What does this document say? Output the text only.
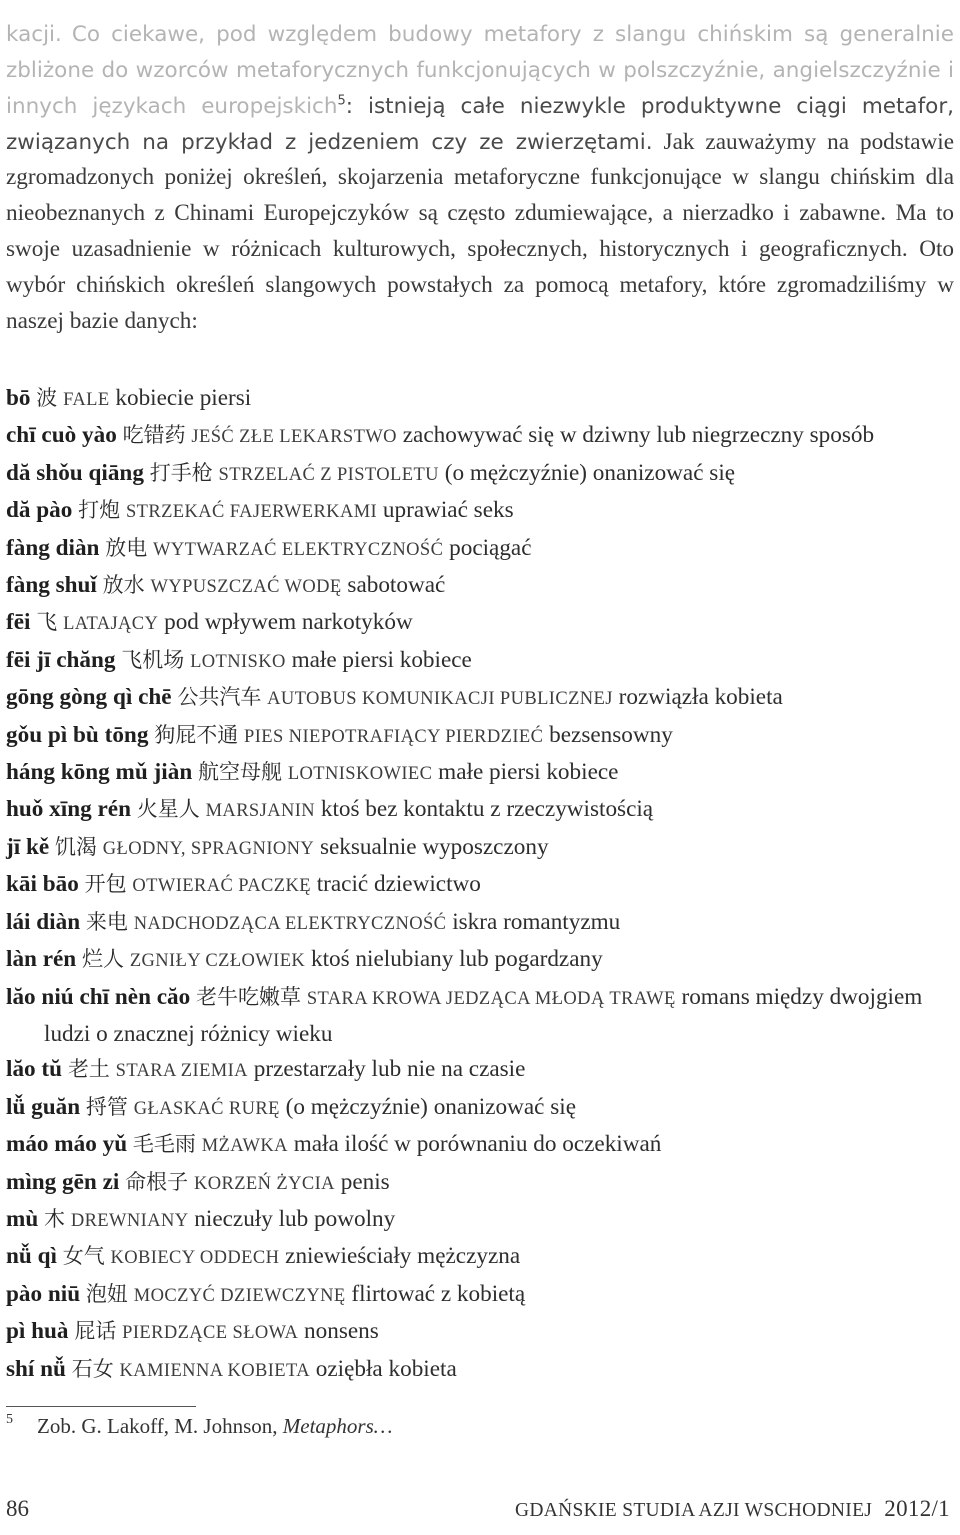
kacji. Co ciekawe, pod względem budowy metafory z slangu chińskim są generalnie zbliżone do wzorców metaforycznych funkcjonujących w polszczyźnie, angielszczyźnie i innych językach europejskich$^5$: istnieją całe niezwykle produktywne ciągi metafor, związanych na przykład z jedzeniem czy ze zwierzętami. Jak zauważymy na podstawie zgromadzonych poniżej określeń, skojarzenia metaforyczne funkcjonujące w slangu chińskim dla nieobeznanych z Chinami Europejczyków są często zdumiewające, a nierzadko i zabawne. Ma to swoje uzasadnienie w różnicach kulturowych, społecznych, historycznych i geograficznych. Oto wybór chińskich określeń slangowych powstałych za pomocą metafory, które zgromadziliśmy w naszej bazie danych:

bō 波 FALE kobiecie piersi
chī cuò yào 吃错药 JEŚĆ ZŁE LEKARSTWO zachowywać się w dziwny lub niegrzeczny sposób
dă shǒu qiāng 打手枪 STRZELAĆ Z PISTOLETU (o mężczyźnie) onanizować się
dă pào 打炮 STRZEKAĆ FAJERWERKAMI uprawiać seks
fàng diàn 放电 WYTWARZAĆ ELEKTRYCZNOŚĆ pociągać
fàng shuǐ 放水 WYPUSZCZAĆ WODĘ sabotować
fēi 飞 LATAJĄCY pod wpływem narkotyków
fēi jī chăng 飞机场 LOTNISKO małe piersi kobiece
gōng gòng qì chē 公共汽车 AUTOBUS KOMUNIKACJI PUBLICZNEJ rozwiązła kobieta
gǒu pì bù tōng 狗屁不通 PIES NIEPOTRAFIĄCY PIERDZIEĆ bezsensowny
háng kōng mǔ jiàn 航空母舰 LOTNISKOWIEC małe piersi kobiece
huǒ xīng rén 火星人 MARSJANIN ktoś bez kontaktu z rzeczywistością
jī kě 饥渴 GŁODNY, SPRAGNIONY seksualnie wyposzczony
kāi bāo 开包 OTWIERAĆ PACZKĘ tracić dziewictwo
lái diàn 来电 NADCHODZĄCA ELEKTRYCZNOŚĆ iskra romantyzmu
làn rén 烂人 ZGNIŁY CZŁOWIEK ktoś nielubiany lub pogardzany
lăo niú chī nèn căo 老牛吃嫩草 STARA KROWA JEDZĄCA MŁODĄ TRAWĘ romans między dwojgiem ludzi o znacznej różnicy wieku
lăo tŭ 老土 STARA ZIEMIA przestarzały lub nie na czasie
lǚ guăn 捋管 GŁASKAĆ RURĘ (o mężczyźnie) onanizować się
máo máo yǔ 毛毛雨 MŻAWKA mała ilość w porównaniu do oczekiwań
mìng gēn zi 命根子 KORZEŃ ŻYCIA penis
mù 木 DREWNIANY nieczuły lub powolny
nǚ qì 女气 KOBIECY ODDECH zniewieściały mężczyzna
pào niū 泡妞 MOCZYĆ DZIEWCZYNĘ flirtować z kobietą
pì huà 屁话 PIERDZĄCE SŁOWA nonsens
shí nǚ 石女 KAMIENNA KOBIETA oziębła kobieta
$^5$ Zob. G. Lakoff, M. Johnson, Metaphors…
86	GDAŃSKIE STUDIA AZJI WSCHODNIEJ 2012/1
